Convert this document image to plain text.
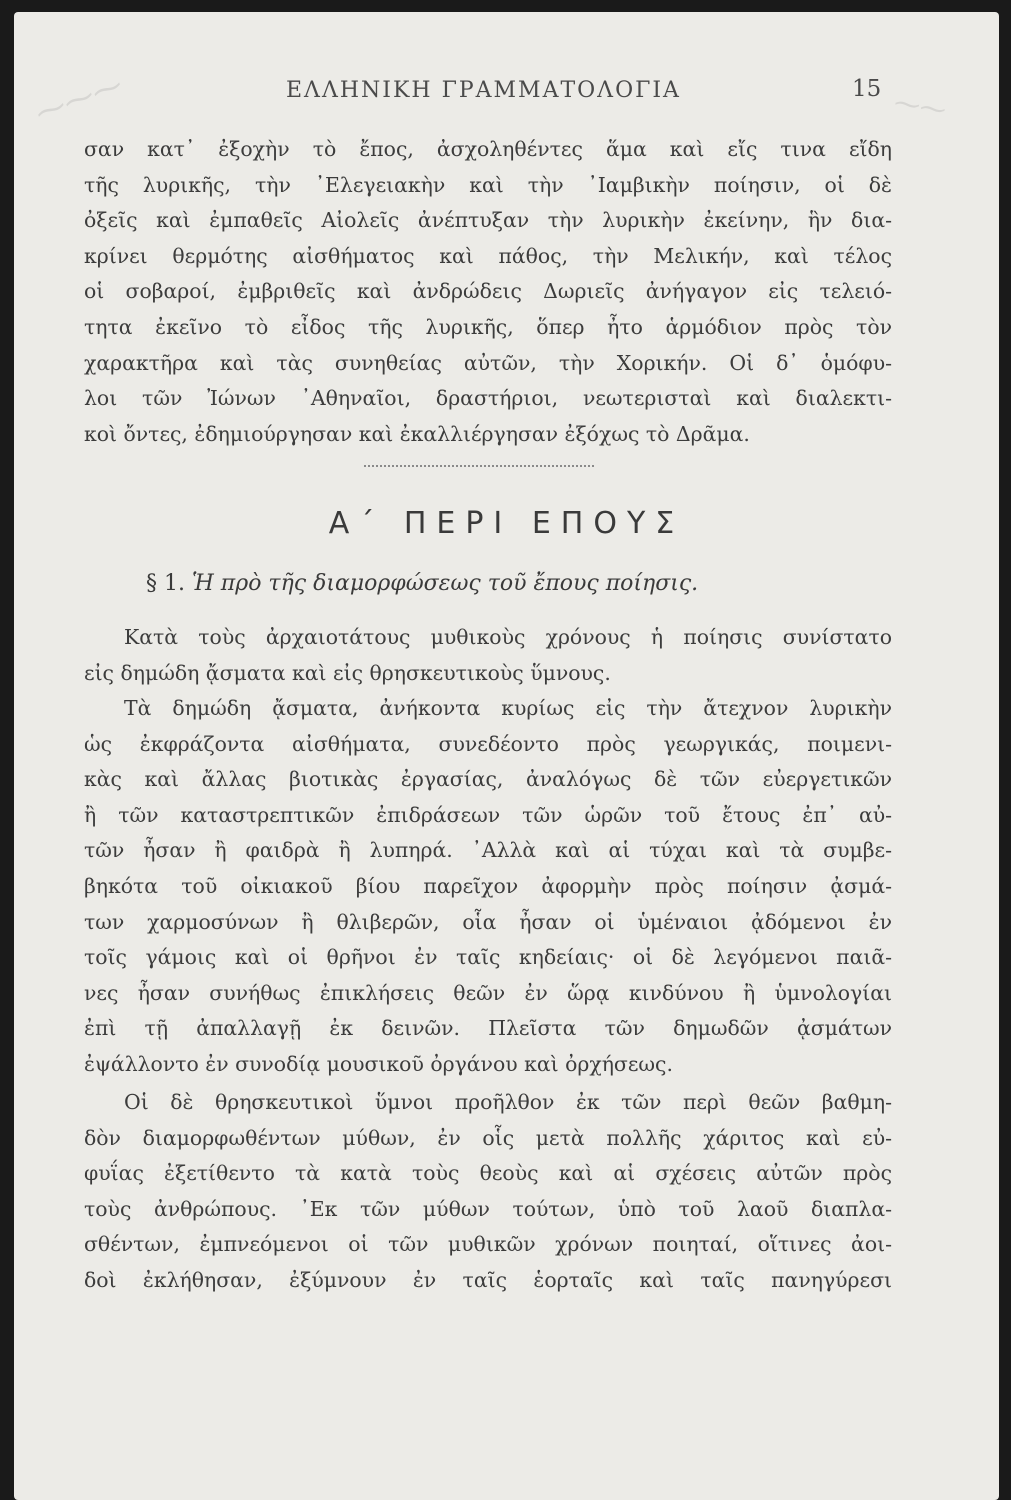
⁓⁓⁓	⁓⁓
ΕΛΛΗΝΙΚΗ ΓΡΑΜΜΑΤΟΛΟΓΙΑ	15
σαν κατ᾽ ἐξοχὴν τὸ ἔπος, ἀσχοληθέντες ἅμα καὶ εἴς τινα εἴδη
τῆς λυρικῆς, τὴν ᾿Ελεγειακὴν καὶ τὴν ᾿Ιαμβικὴν ποίησιν, οἱ δὲ
ὀξεῖς καὶ ἐμπαθεῖς Αἰολεῖς ἀνέπτυξαν τὴν λυρικὴν ἐκείνην, ἣν δια-
κρίνει θερμότης αἰσθήματος καὶ πάθος, τὴν Μελικήν, καὶ τέλος
οἱ σοβαροί, ἐμβριθεῖς καὶ ἀνδρώδεις Δωριεῖς ἀνήγαγον εἰς τελειό-
τητα ἐκεῖνο τὸ εἶδος τῆς λυρικῆς, ὅπερ ἦτο ἁρμόδιον πρὸς τὸν
χαρακτῆρα καὶ τὰς συνηθείας αὐτῶν, τὴν Χορικήν. Οἱ δ᾽ ὁμόφυ-
λοι τῶν Ἰώνων ᾿Αθηναῖοι, δραστήριοι, νεωτερισταὶ καὶ διαλεκτι-
κοὶ ὄντες, ἐδημιούργησαν καὶ ἐκαλλιέργησαν ἐξόχως τὸ Δρᾶμα.
Α΄ ΠΕΡΙ ΕΠΟΥΣ
§ 1. Ἡ πρὸ τῆς διαμορφώσεως τοῦ ἔπους ποίησις.
Κατὰ τοὺς ἀρχαιοτάτους μυθικοὺς χρόνους ἡ ποίησις συνίστατο
εἰς δημώδη ᾄσματα καὶ εἰς θρησκευτικοὺς ὕμνους.
Τὰ δημώδη ᾄσματα, ἀνήκοντα κυρίως εἰς τὴν ἄτεχνον λυρικὴν
ὡς ἐκφράζοντα αἰσθήματα, συνεδέοντο πρὸς γεωργικάς, ποιμενι-
κὰς καὶ ἄλλας βιοτικὰς ἐργασίας, ἀναλόγως δὲ τῶν εὐεργετικῶν
ἢ τῶν καταστρεπτικῶν ἐπιδράσεων τῶν ὡρῶν τοῦ ἔτους ἐπ᾽ αὐ-
τῶν ἦσαν ἢ φαιδρὰ ἢ λυπηρά. ᾿Αλλὰ καὶ αἱ τύχαι καὶ τὰ συμβε-
βηκότα τοῦ οἰκιακοῦ βίου παρεῖχον ἀφορμὴν πρὸς ποίησιν ᾀσμά-
των χαρμοσύνων ἢ θλιβερῶν, οἷα ἦσαν οἱ ὑμέναιοι ᾀδόμενοι ἐν
τοῖς γάμοις καὶ οἱ θρῆνοι ἐν ταῖς κηδείαις· οἱ δὲ λεγόμενοι παιᾶ-
νες ἦσαν συνήθως ἐπικλήσεις θεῶν ἐν ὥρᾳ κινδύνου ἢ ὑμνολογίαι
ἐπὶ τῇ ἀπαλλαγῇ ἐκ δεινῶν. Πλεῖστα τῶν δημωδῶν ᾀσμάτων
ἐψάλλοντο ἐν συνοδίᾳ μουσικοῦ ὀργάνου καὶ ὀρχήσεως.
Οἱ δὲ θρησκευτικοὶ ὕμνοι προῆλθον ἐκ τῶν περὶ θεῶν βαθμη-
δὸν διαμορφωθέντων μύθων, ἐν οἷς μετὰ πολλῆς χάριτος καὶ εὐ-
φυΐας ἐξετίθεντο τὰ κατὰ τοὺς θεοὺς καὶ αἱ σχέσεις αὐτῶν πρὸς
τοὺς ἀνθρώπους. ᾿Εκ τῶν μύθων τούτων, ὑπὸ τοῦ λαοῦ διαπλα-
σθέντων, ἐμπνεόμενοι οἱ τῶν μυθικῶν χρόνων ποιηταί, οἵτινες ἀοι-
δοὶ ἐκλήθησαν, ἐξύμνουν ἐν ταῖς ἑορταῖς καὶ ταῖς πανηγύρεσι
